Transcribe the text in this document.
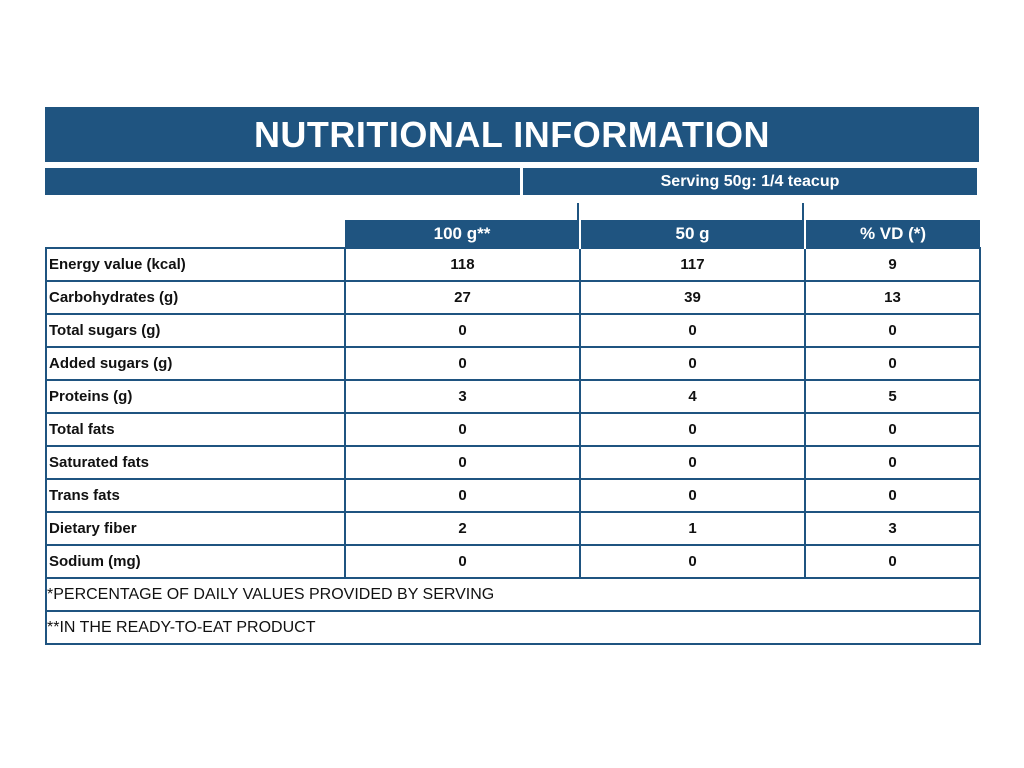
NUTRITIONAL INFORMATION
Serving 50g: 1/4 teacup
	100 g**	50 g	% VD (*)
Energy value (kcal)	118	117	9
Carbohydrates (g)	27	39	13
Total sugars (g)	0	0	0
Added sugars (g)	0	0	0
Proteins (g)	3	4	5
Total fats	0	0	0
Saturated fats	0	0	0
Trans fats	0	0	0
Dietary fiber	2	1	3
Sodium (mg)	0	0	0
*PERCENTAGE OF DAILY VALUES PROVIDED BY SERVING			
**IN THE READY-TO-EAT PRODUCT			
